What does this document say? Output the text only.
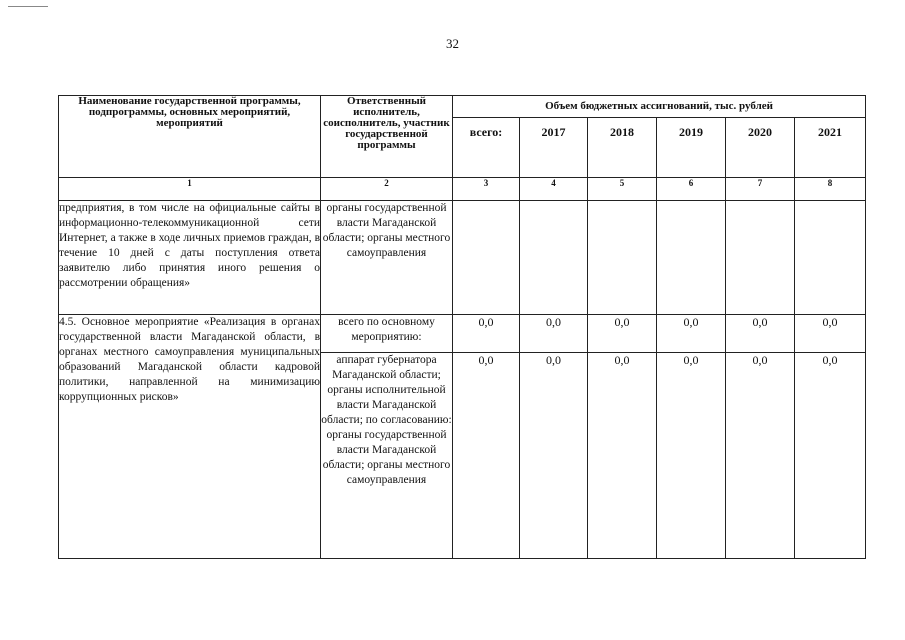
32
Наименование государственной программы, подпрограммы, основных мероприятий, мероприятий	Ответственный исполнитель, соисполнитель, участник государственной программы	Объем бюджетных ассигнований, тыс. рублей					
		всего:	2017	2018	2019	2020	2021
1	2	3	4	5	6	7	8
предприятия, в том числе на официальные сайты в информационно-телекоммуникационной сети Интернет, а также в ходе личных приемов граждан, в течение 10 дней с даты поступления ответа заявителю либо принятия иного решения о рассмотрении обращения»	органы государственной власти Магаданской области; органы местного самоуправления						
4.5. Основное мероприятие «Реализация в органах государственной власти Магаданской области, в органах местного самоуправления муниципальных образований Магаданской области кадровой политики, направленной на минимизацию коррупционных рисков»	всего по основному мероприятию:	0,0	0,0	0,0	0,0	0,0	0,0
	аппарат губернатора Магаданской области; органы исполнительной власти Магаданской области; по согласованию: органы государственной власти Магаданской области; органы местного самоуправления	0,0	0,0	0,0	0,0	0,0	0,0
